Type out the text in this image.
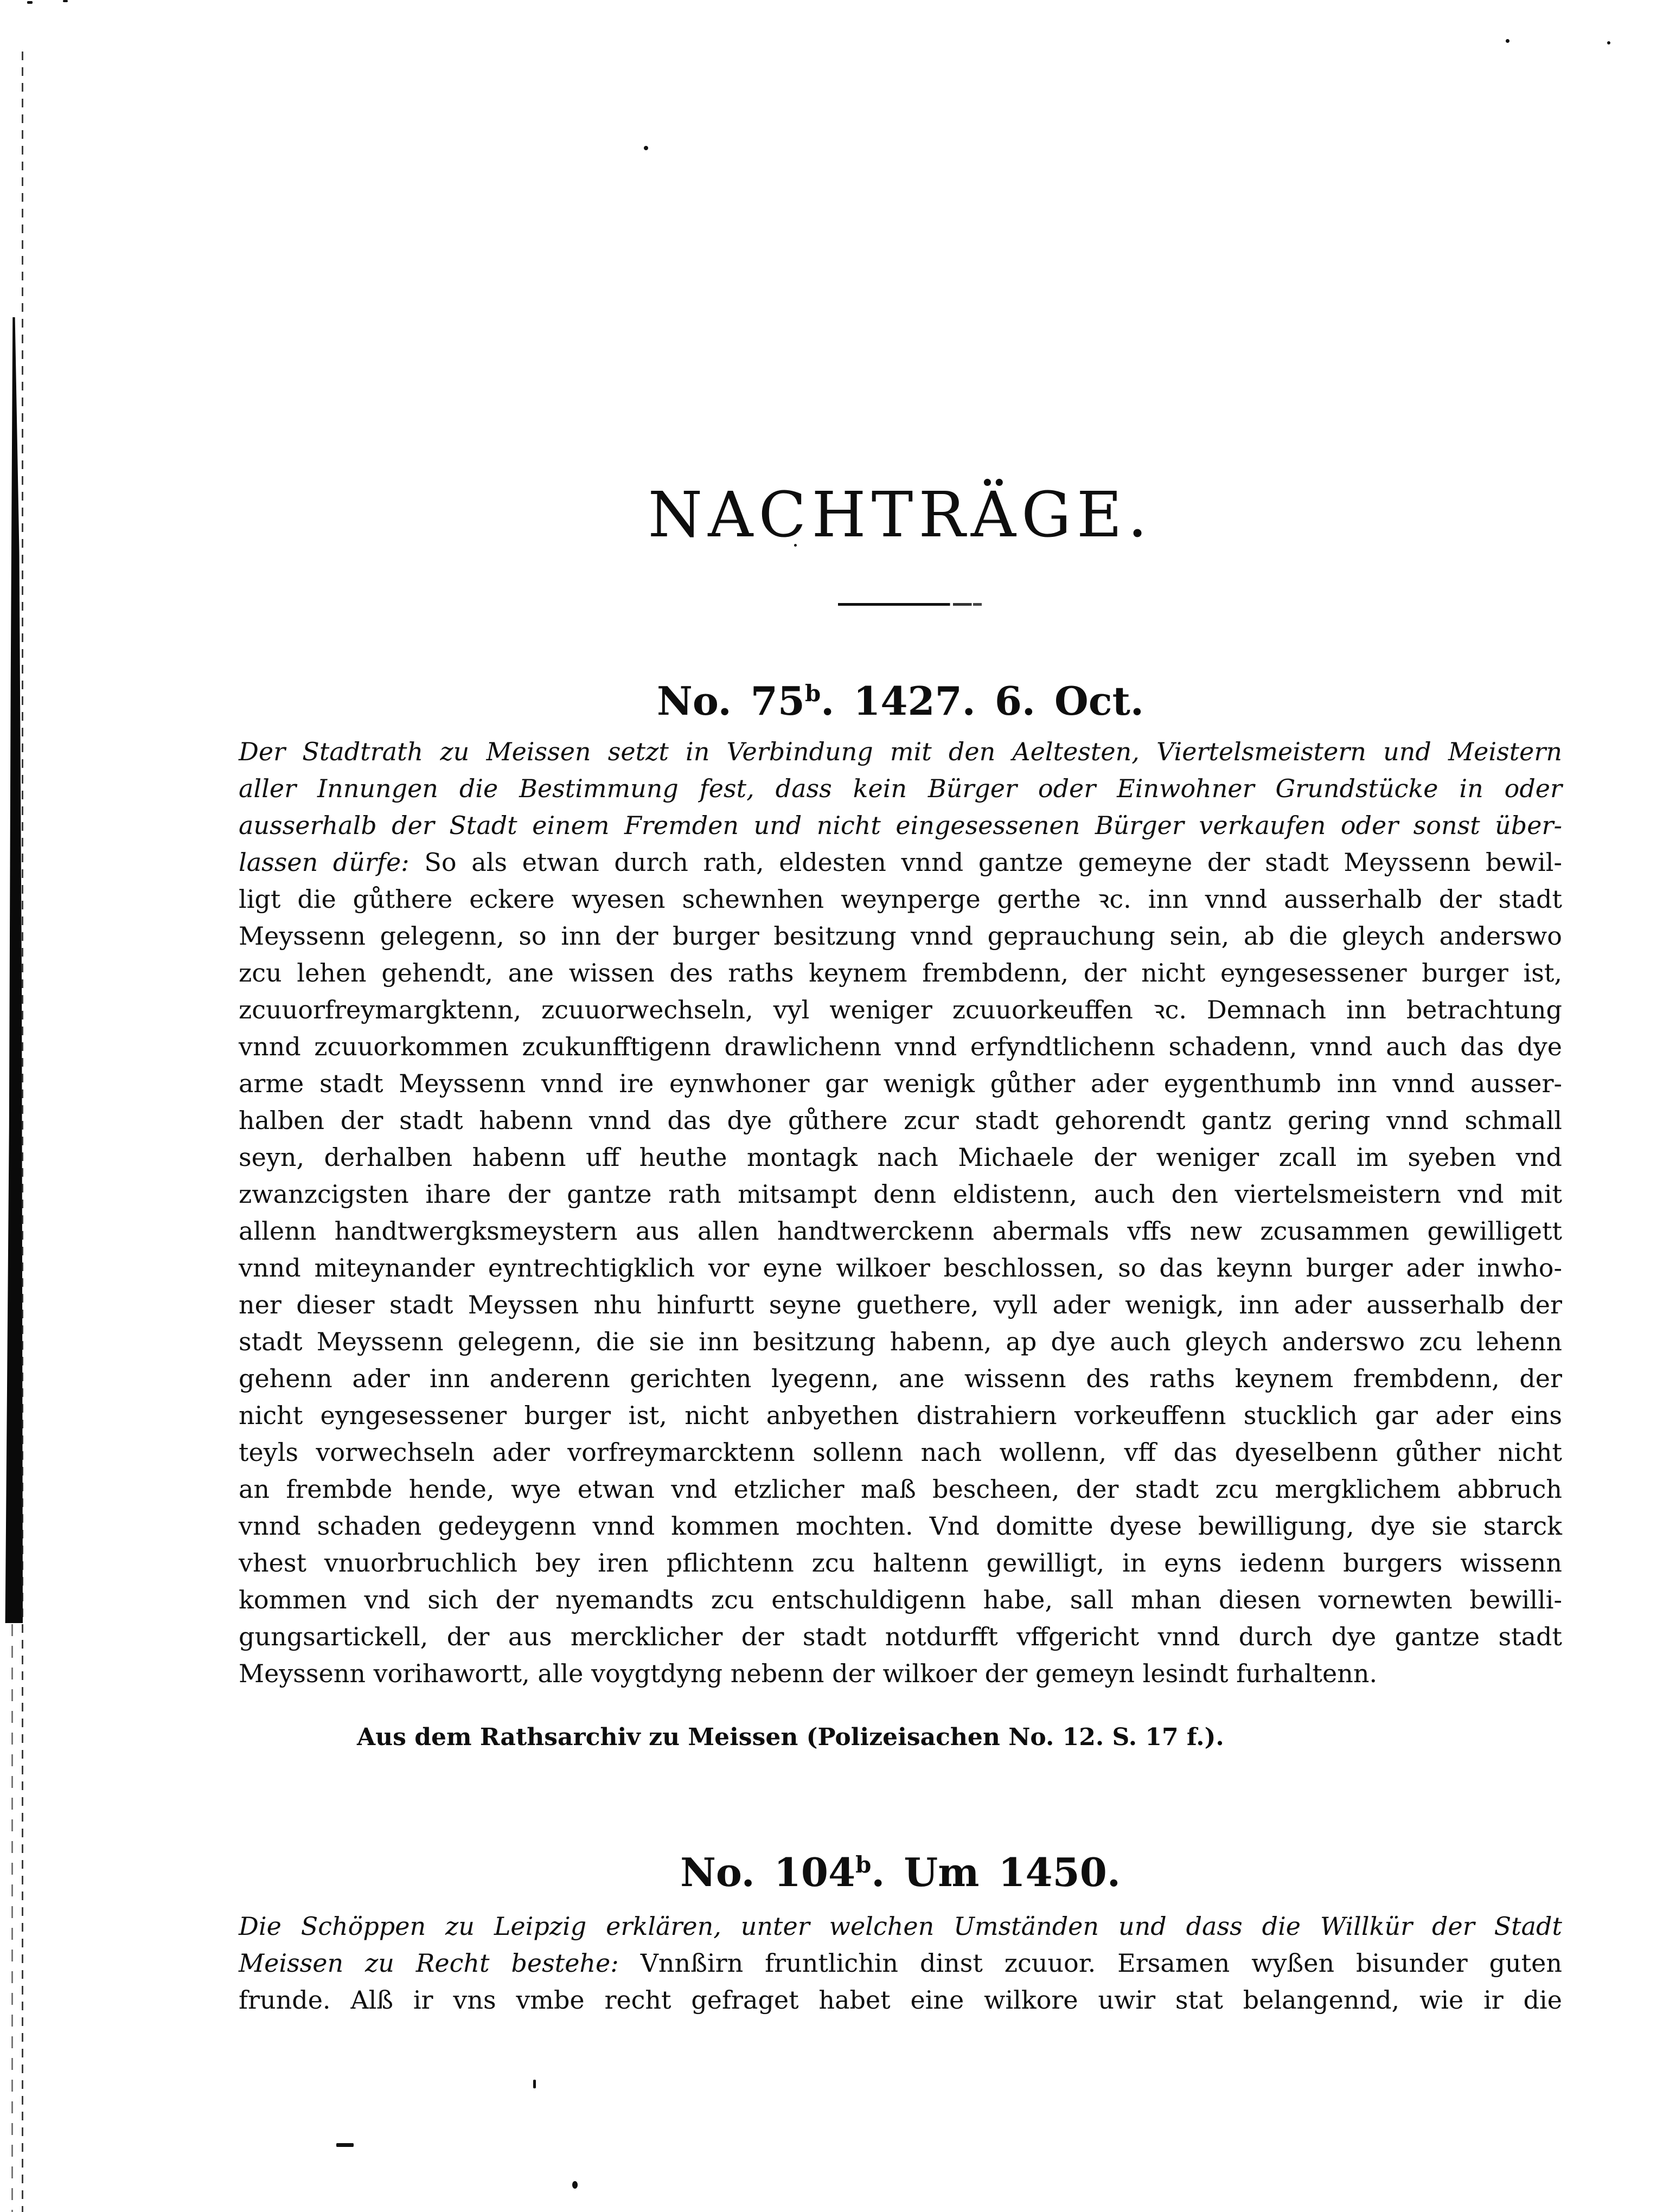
NACHTRÄGE.
No. 75$^b$. 1427. 6. Oct.
Der Stadtrath zu Meissen setzt in Verbindung mit den Aeltesten, Viertelsmeistern und Meistern
aller Innungen die Bestimmung fest, dass kein Bürger oder Einwohner Grundstücke in oder
ausserhalb der Stadt einem Fremden und nicht eingesessenen Bürger verkaufen oder sonst über-
lassen dürfe: So als etwan durch rath, eldesten vnnd gantze gemeyne der stadt Meyssenn bewil-
ligt die gůthere eckere wyesen schewnhen weynperge gerthe ꝛc. inn vnnd ausserhalb der stadt
Meyssenn gelegenn, so inn der burger besitzung vnnd geprauchung sein, ab die gleych anderswo
zcu lehen gehendt, ane wissen des raths keynem frembdenn, der nicht eyngesessener burger ist,
zcuuorfreymargktenn, zcuuorwechseln, vyl weniger zcuuorkeuffen ꝛc. Demnach inn betrachtung
vnnd zcuuorkommen zcukunfftigenn drawlichenn vnnd erfyndtlichenn schadenn, vnnd auch das dye
arme stadt Meyssenn vnnd ire eynwhoner gar wenigk gůther ader eygenthumb inn vnnd ausser-
halben der stadt habenn vnnd das dye gůthere zcur stadt gehorendt gantz gering vnnd schmall
seyn, derhalben habenn uff heuthe montagk nach Michaele der weniger zcall im syeben vnd
zwanzcigsten ihare der gantze rath mitsampt denn eldistenn, auch den viertelsmeistern vnd mit
allenn handtwergksmeystern aus allen handtwerckenn abermals vffs new zcusammen gewilligett
vnnd miteynander eyntrechtigklich vor eyne wilkoer beschlossen, so das keynn burger ader inwho-
ner dieser stadt Meyssen nhu hinfurtt seyne guethere, vyll ader wenigk, inn ader ausserhalb der
stadt Meyssenn gelegenn, die sie inn besitzung habenn, ap dye auch gleych anderswo zcu lehenn
gehenn ader inn anderenn gerichten lyegenn, ane wissenn des raths keynem frembdenn, der
nicht eyngesessener burger ist, nicht anbyethen distrahiern vorkeuffenn stucklich gar ader eins
teyls vorwechseln ader vorfreymarcktenn sollenn nach wollenn, vff das dyeselbenn gůther nicht
an frembde hende, wye etwan vnd etzlicher maß bescheen, der stadt zcu mergklichem abbruch
vnnd schaden gedeygenn vnnd kommen mochten. Vnd domitte dyese bewilligung, dye sie starck
vhest vnuorbruchlich bey iren pflichtenn zcu haltenn gewilligt, in eyns iedenn burgers wissenn
kommen vnd sich der nyemandts zcu entschuldigenn habe, sall mhan diesen vornewten bewilli-
gungsartickell, der aus mercklicher der stadt notdurfft vffgericht vnnd durch dye gantze stadt
Meyssenn vorihawortt, alle voygtdyng nebenn der wilkoer der gemeyn lesindt furhaltenn.
Aus dem Rathsarchiv zu Meissen (Polizeisachen No. 12. S. 17 f.).
No. 104$^b$. Um 1450.
Die Schöppen zu Leipzig erklären, unter welchen Umständen und dass die Willkür der Stadt
Meissen zu Recht bestehe: Vnnßirn fruntlichin dinst zcuuor. Ersamen wyßen bisunder guten
frunde. Alß ir vns vmbe recht gefraget habet eine wilkore uwir stat belangennd, wie ir die
